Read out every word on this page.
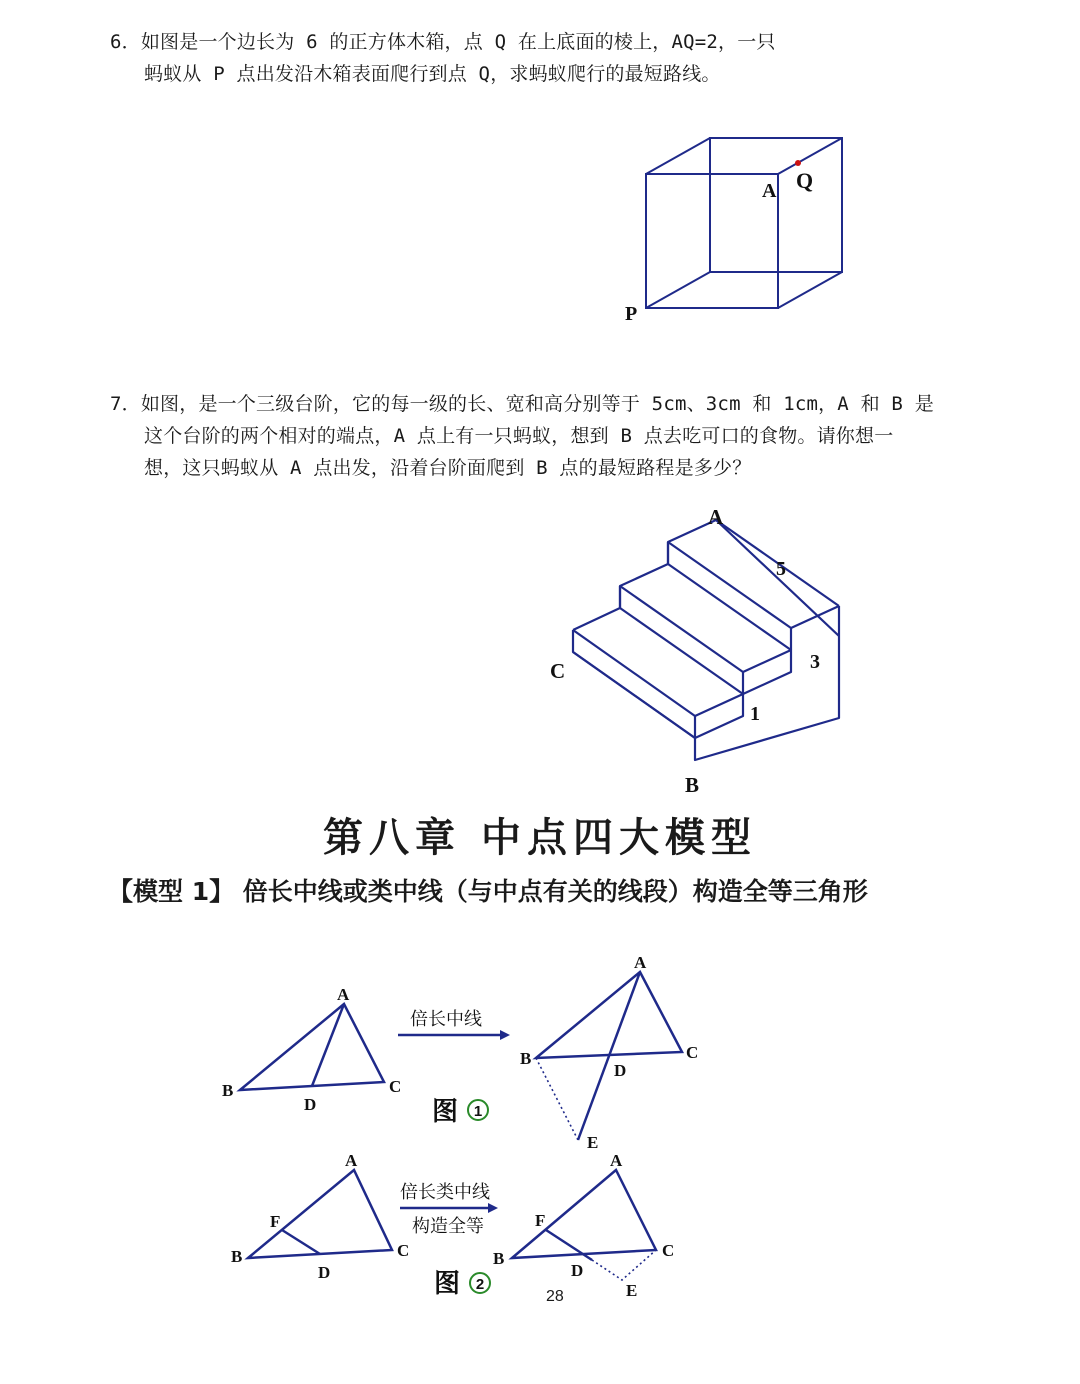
6．如图是一个边长为 6 的正方体木箱，点 Q 在上底面的棱上，AQ=2，一只
蚂蚁从 P 点出发沿木箱表面爬行到点 Q，求蚂蚁爬行的最短路线。
7．如图，是一个三级台阶，它的每一级的长、宽和高分别等于 5cm、3cm 和 1cm，A 和 B 是
这个台阶的两个相对的端点，A 点上有一只蚂蚁，想到 B 点去吃可口的食物。请你想一
想，这只蚂蚁从 A 点出发，沿着台阶面爬到 B 点的最短路程是多少？
第八章 中点四大模型
【模型 1】 倍长中线或类中线（与中点有关的线段）构造全等三角形
28
A Q
P
A
5
3
C
1
B
A
B	C
D
倍长中线
图 1
A
B	C
D
E
A
F
B	C
D
倍长类中线
构造全等
图 2
A
F
B	C
D
E
